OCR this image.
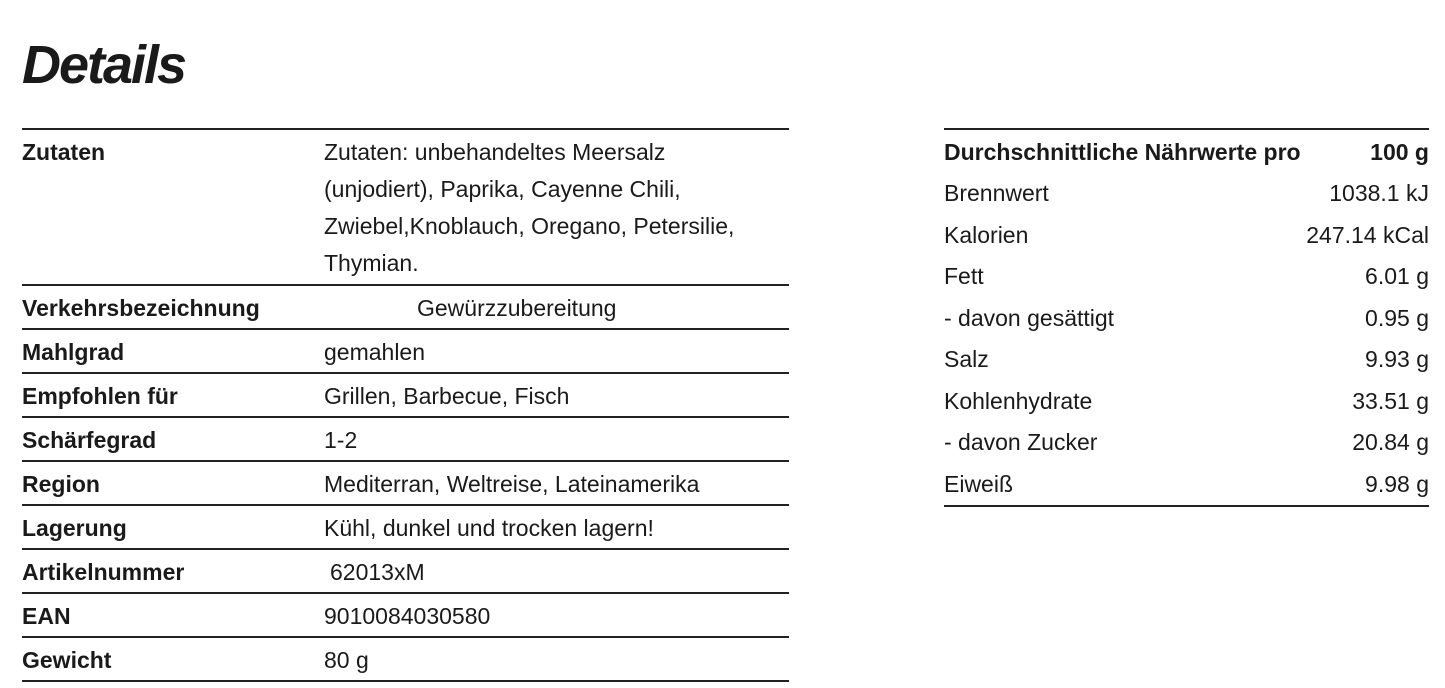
Details
Zutaten	Zutaten: unbehandeltes Meersalz (unjodiert), Paprika, Cayenne Chili, Zwiebel,Knoblauch, Oregano, Petersilie, Thymian.
Verkehrsbezeichnung	Gewürzzubereitung
Mahlgrad	gemahlen
Empfohlen für	Grillen, Barbecue, Fisch
Schärfegrad	1-2
Region	Mediterran, Weltreise, Lateinamerika
Lagerung	Kühl, dunkel und trocken lagern!
Artikelnummer	62013xM
EAN	9010084030580
Gewicht	80 g
Durchschnittliche Nährwerte pro	100 g
Brennwert	1038.1 kJ
Kalorien	247.14 kCal
Fett	6.01 g
- davon gesättigt	0.95 g
Salz	9.93 g
Kohlenhydrate	33.51 g
- davon Zucker	20.84 g
Eiweiß	9.98 g
